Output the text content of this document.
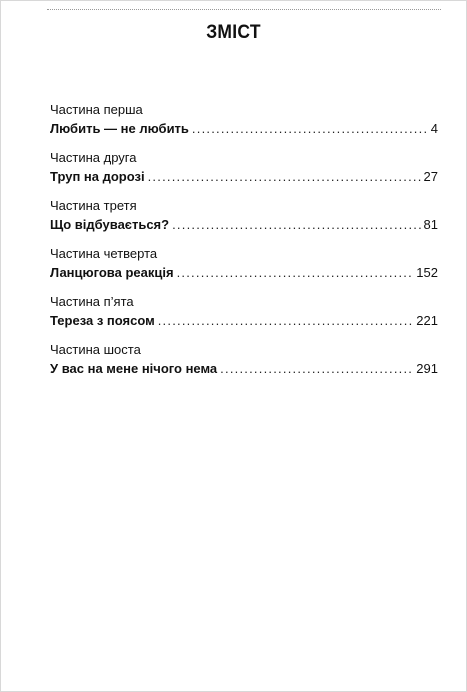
ЗМІСТ
Частина перша
Любить — не любить . . .	4
Частина друга
Труп на дорозі . . .	27
Частина третя
Що відбувається? . . .	81
Частина четверта
Ланцюгова реакція . . .	152
Частина п’ята
Тереза з поясом . . .	221
Частина шоста
У вас на мене нічого нема . . .	291
